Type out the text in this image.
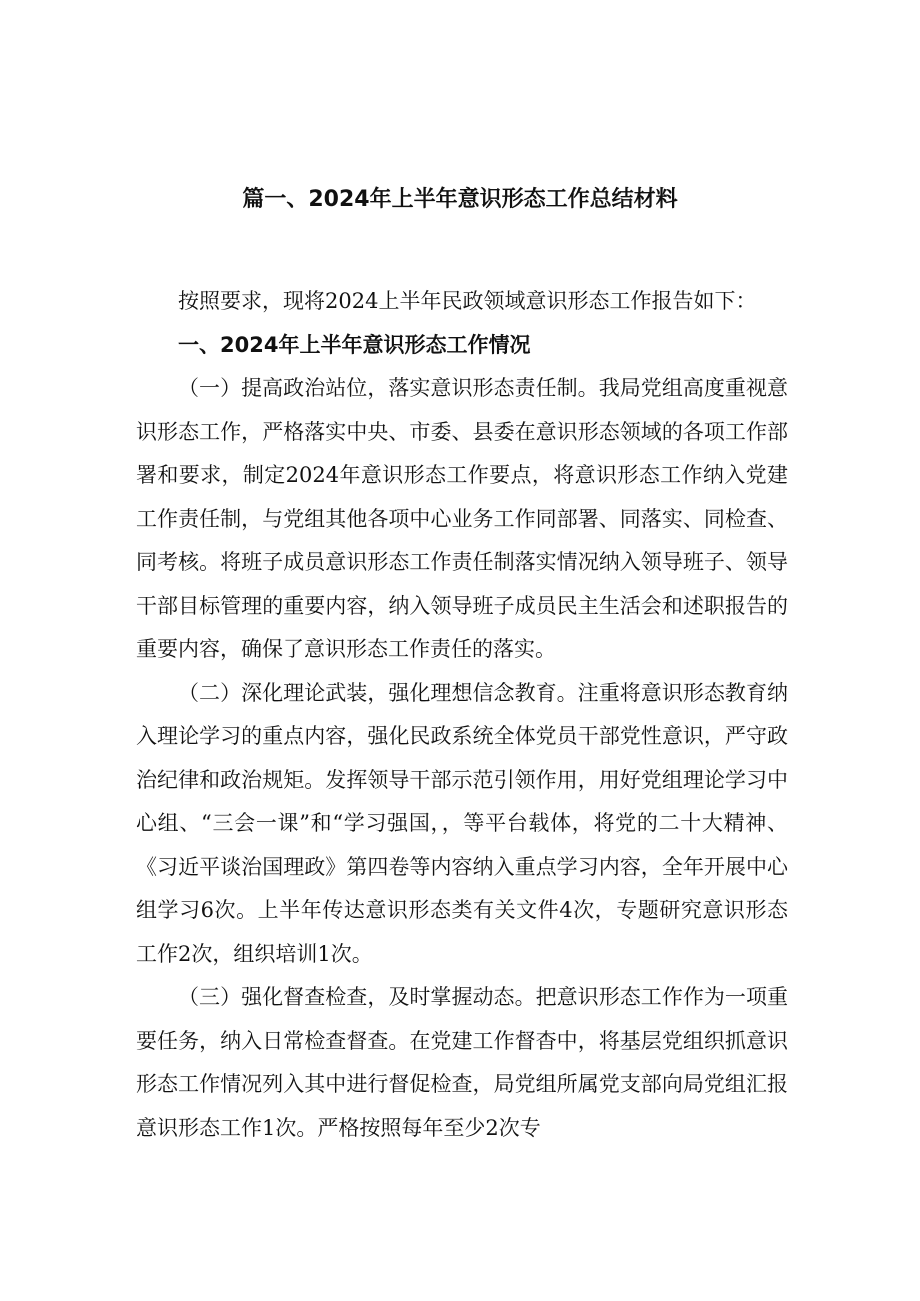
篇一、2024年上半年意识形态工作总结材料

按照要求，现将2024上半年民政领域意识形态工作报告如下：

一、2024年上半年意识形态工作情况

（一）提高政治站位，落实意识形态责任制。我局党组高度重视意识形态工作，严格落实中央、市委、县委在意识形态领域的各项工作部署和要求，制定2024年意识形态工作要点，将意识形态工作纳入党建工作责任制，与党组其他各项中心业务工作同部署、同落实、同检查、同考核。将班子成员意识形态工作责任制落实情况纳入领导班子、领导干部目标管理的重要内容，纳入领导班子成员民主生活会和述职报告的重要内容，确保了意识形态工作责任的落实。

（二）深化理论武装，强化理想信念教育。注重将意识形态教育纳入理论学习的重点内容，强化民政系统全体党员干部党性意识，严守政治纪律和政治规矩。发挥领导干部示范引领作用，用好党组理论学习中心组、“三会一课”和“学习强国，，等平台载体，将党的二十大精神、《习近平谈治国理政》第四卷等内容纳入重点学习内容，全年开展中心组学习6次。上半年传达意识形态类有关文件4次，专题研究意识形态工作2次，组织培训1次。

（三）强化督查检查，及时掌握动态。把意识形态工作作为一项重要任务，纳入日常检查督查。在党建工作督杳中，将基层党组织抓意识形态工作情况列入其中进行督促检查，局党组所属党支部向局党组汇报意识形态工作1次。严格按照每年至少2次专
